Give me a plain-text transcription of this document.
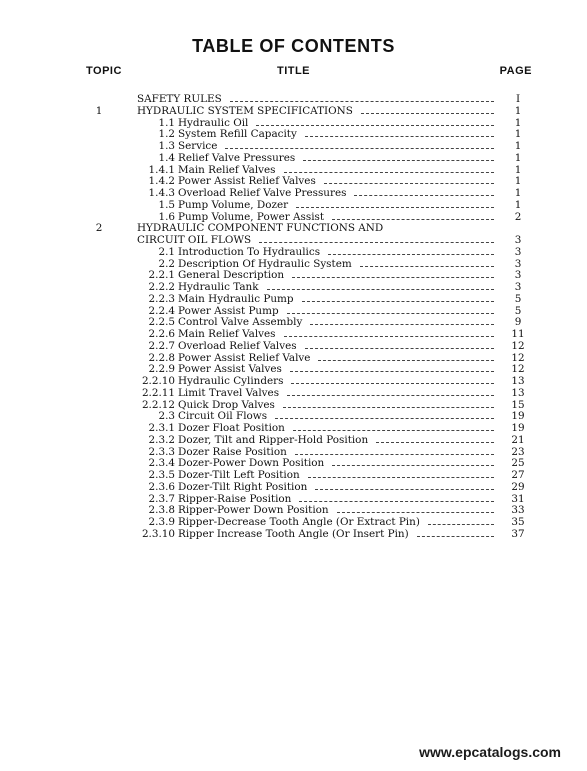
TABLE OF CONTENTS
TOPIC	TITLE	PAGE
SAFETY RULES	I
1	HYDRAULIC SYSTEM SPECIFICATIONS	1
1.1 Hydraulic Oil	1
1.2 System Refill Capacity	1
1.3 Service	1
1.4 Relief Valve Pressures	1
1.4.1 Main Relief Valves	1
1.4.2 Power Assist Relief Valves	1
1.4.3 Overload Relief Valve Pressures	1
1.5 Pump Volume, Dozer	1
1.6 Pump Volume, Power Assist	2
2	HYDRAULIC COMPONENT FUNCTIONS AND
CIRCUIT OIL FLOWS	3
2.1 Introduction To Hydraulics	3
2.2 Description Of Hydraulic System	3
2.2.1 General Description	3
2.2.2 Hydraulic Tank	3
2.2.3 Main Hydraulic Pump	5
2.2.4 Power Assist Pump	5
2.2.5 Control Valve Assembly	9
2.2.6 Main Relief Valves	11
2.2.7 Overload Relief Valves	12
2.2.8 Power Assist Relief Valve	12
2.2.9 Power Assist Valves	12
2.2.10 Hydraulic Cylinders	13
2.2.11 Limit Travel Valves	13
2.2.12 Quick Drop Valves	15
2.3 Circuit Oil Flows	19
2.3.1 Dozer Float Position	19
2.3.2 Dozer, Tilt and Ripper-Hold Position	21
2.3.3 Dozer Raise Position	23
2.3.4 Dozer-Power Down Position	25
2.3.5 Dozer-Tilt Left Position	27
2.3.6 Dozer-Tilt Right Position	29
2.3.7 Ripper-Raise Position	31
2.3.8 Ripper-Power Down Position	33
2.3.9 Ripper-Decrease Tooth Angle (Or Extract Pin)	35
2.3.10 Ripper Increase Tooth Angle (Or Insert Pin)	37
www.epcatalogs.com
